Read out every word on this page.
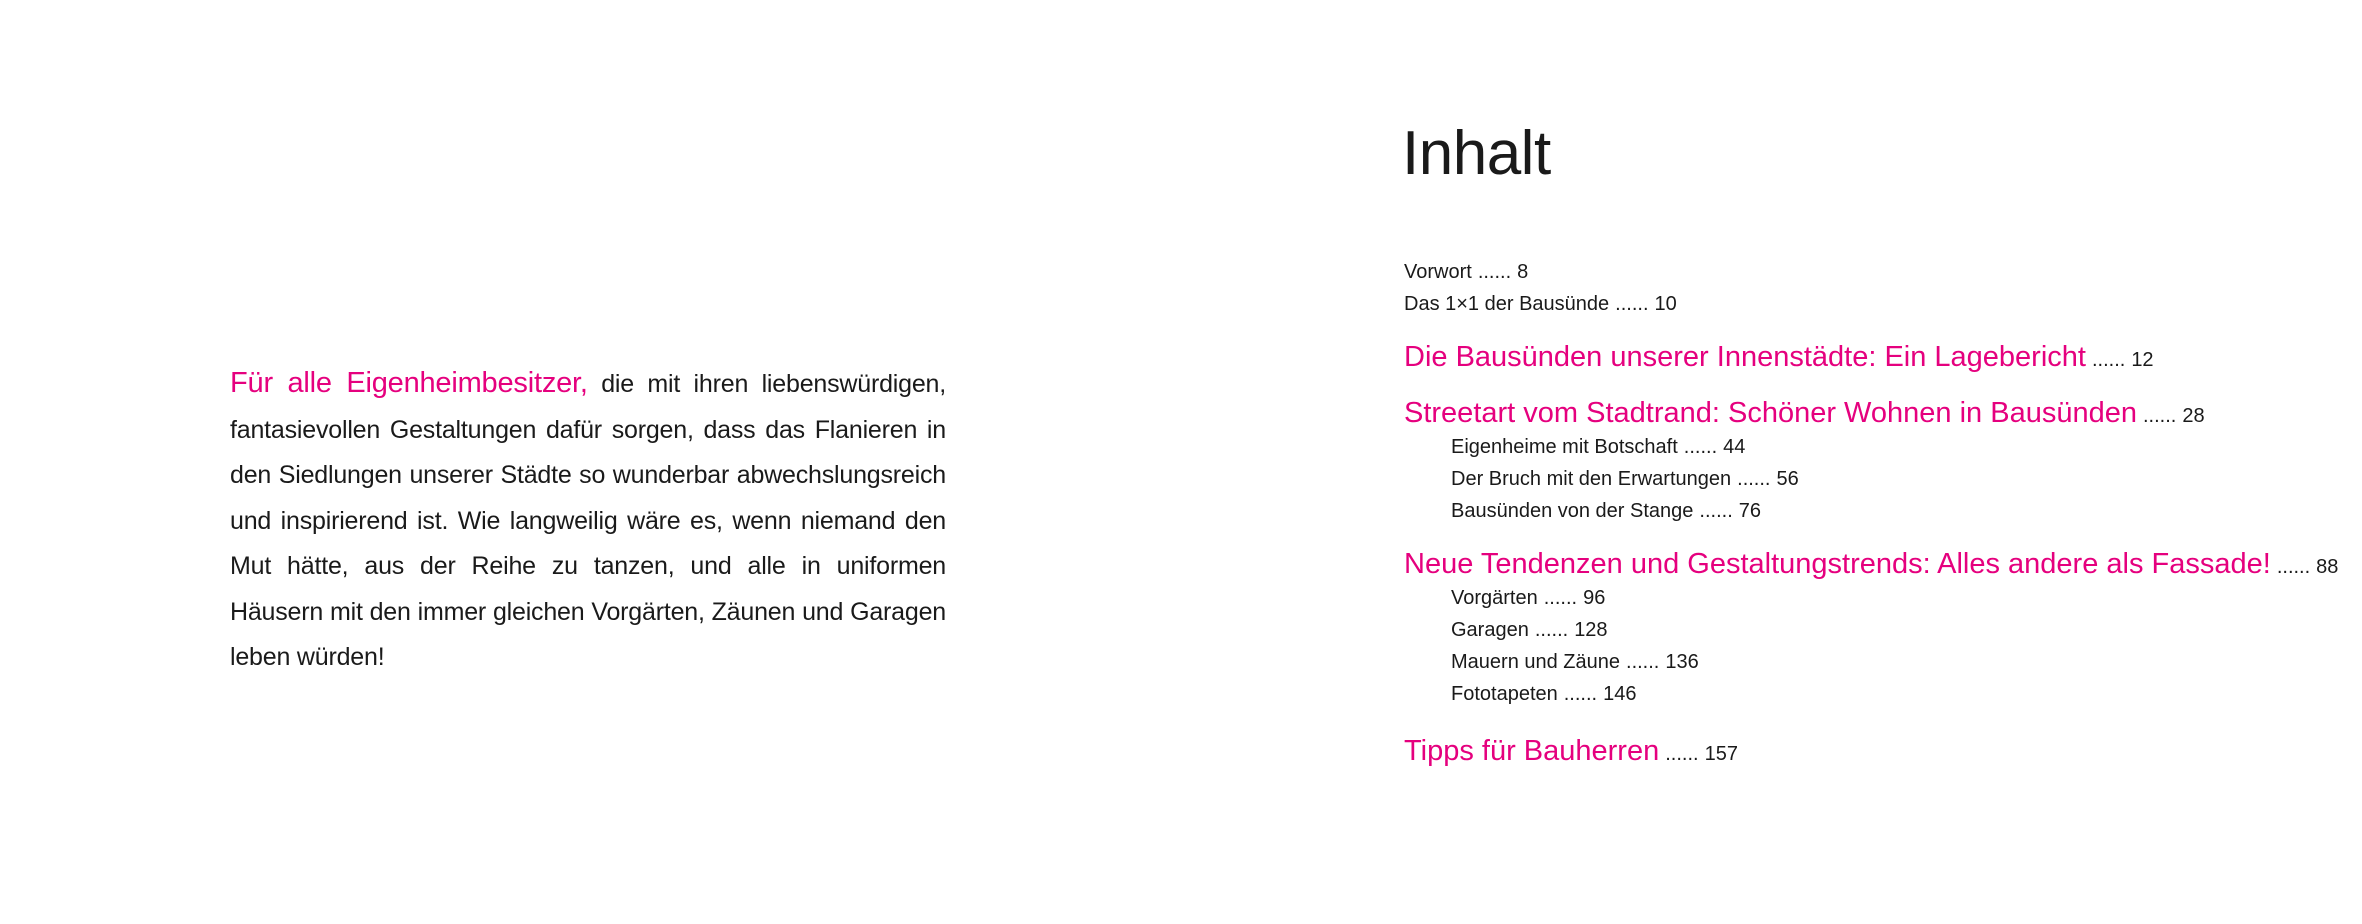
Für alle Eigenheimbesitzer, die mit ihren liebenswürdigen, fantasievollen Gestaltungen dafür sorgen, dass das Flanieren in den Siedlungen unserer Städte so wunderbar abwechslungsreich und inspirierend ist. Wie langweilig wäre es, wenn niemand den Mut hätte, aus der Reihe zu tanzen, und alle in uniformen Häusern mit den immer gleichen Vorgärten, Zäunen und Garagen leben würden!

Inhalt
Vorwort ...... 8
Das 1×1 der Bausünde ...... 10
Die Bausünden unserer Innenstädte: Ein Lagebericht ...... 12
Streetart vom Stadtrand: Schöner Wohnen in Bausünden ...... 28
Eigenheime mit Botschaft ...... 44
Der Bruch mit den Erwartungen ...... 56
Bausünden von der Stange ...... 76
Neue Tendenzen und Gestaltungstrends: Alles andere als Fassade! ...... 88
Vorgärten ...... 96
Garagen ...... 128
Mauern und Zäune ...... 136
Fototapeten ...... 146
Tipps für Bauherren ...... 157
